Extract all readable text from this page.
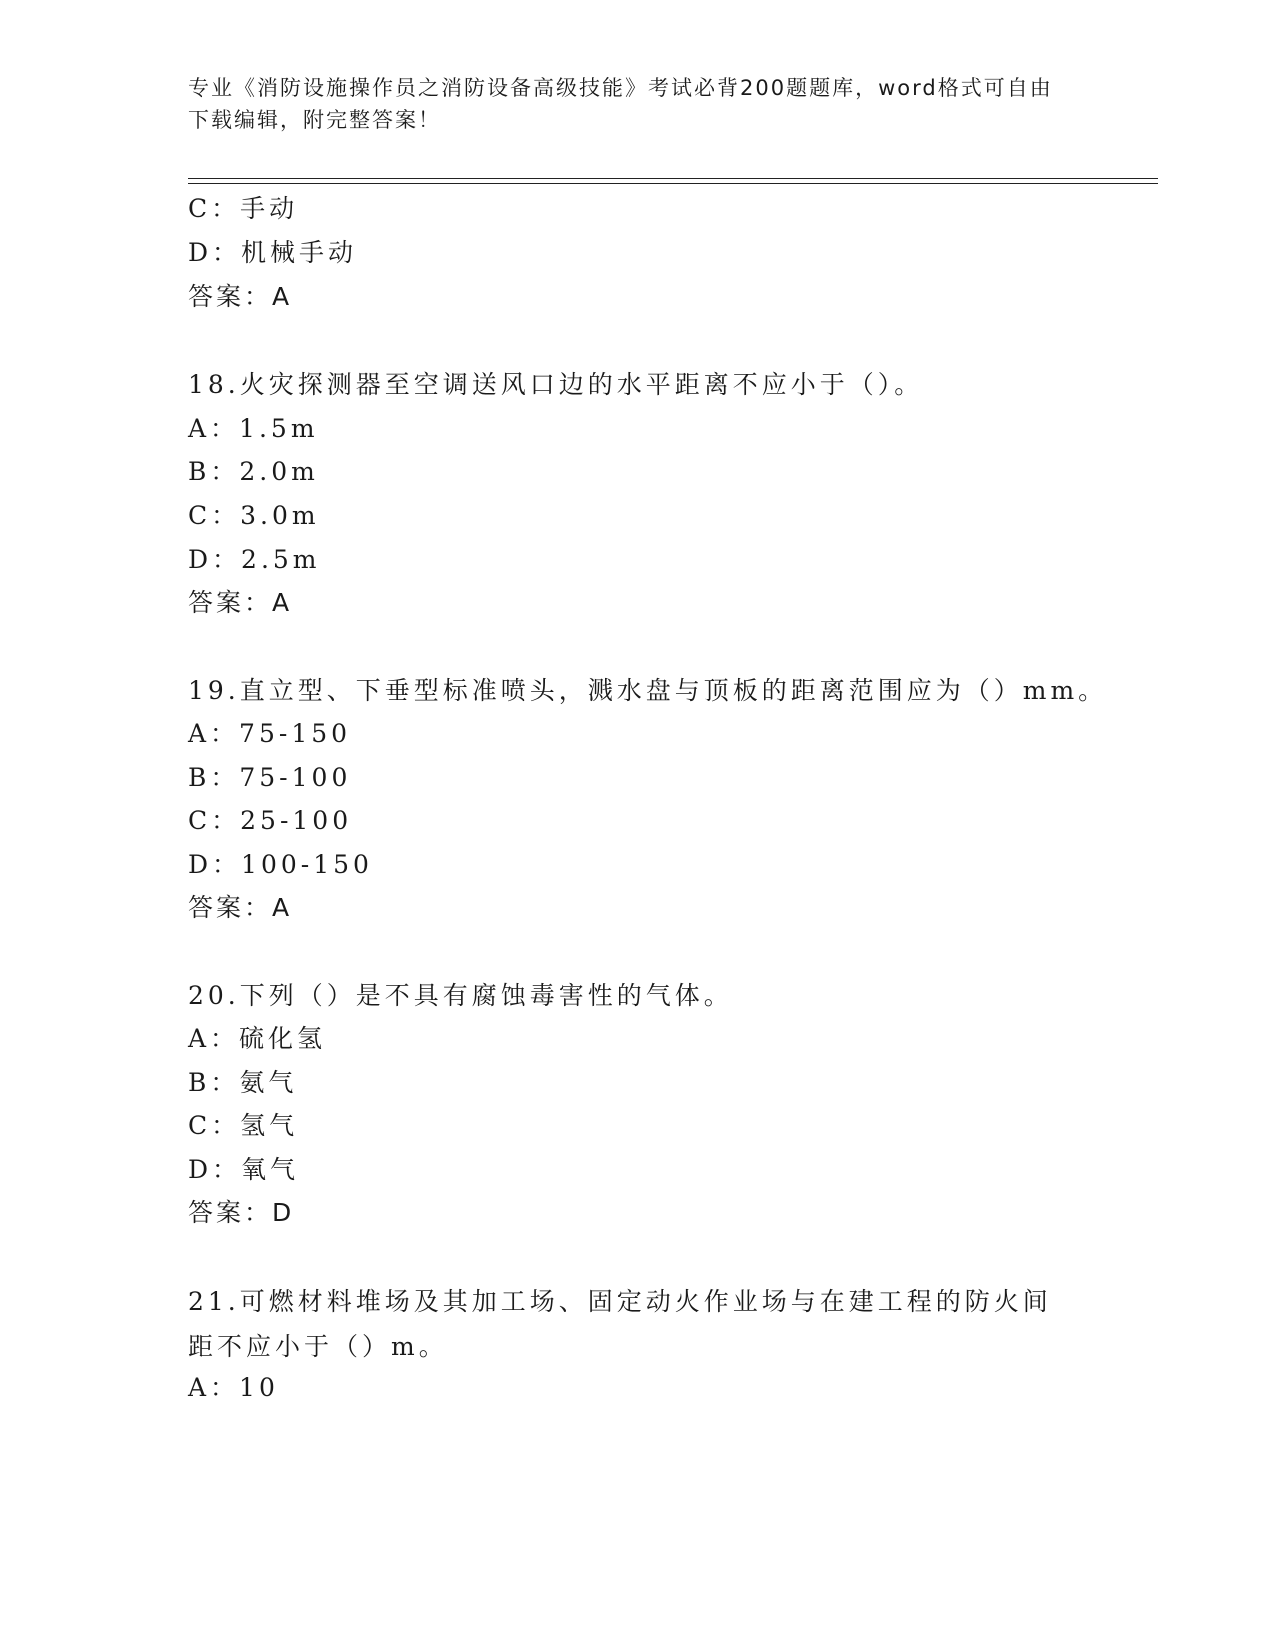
专业《消防设施操作员之消防设备高级技能》考试必背200题题库，word格式可自由下载编辑，附完整答案！
C：手动
D：机械手动
答案：A
18.火灾探测器至空调送风口边的水平距离不应小于（）。
A：1.5m
B：2.0m
C：3.0m
D：2.5m
答案：A
19.直立型、下垂型标准喷头，溅水盘与顶板的距离范围应为（）mm。
A：75-150
B：75-100
C：25-100
D：100-150
答案：A
20.下列（）是不具有腐蚀毒害性的气体。
A：硫化氢
B：氨气
C：氢气
D：氧气
答案：D
21.可燃材料堆场及其加工场、固定动火作业场与在建工程的防火间距不应小于（）m。
A：10
